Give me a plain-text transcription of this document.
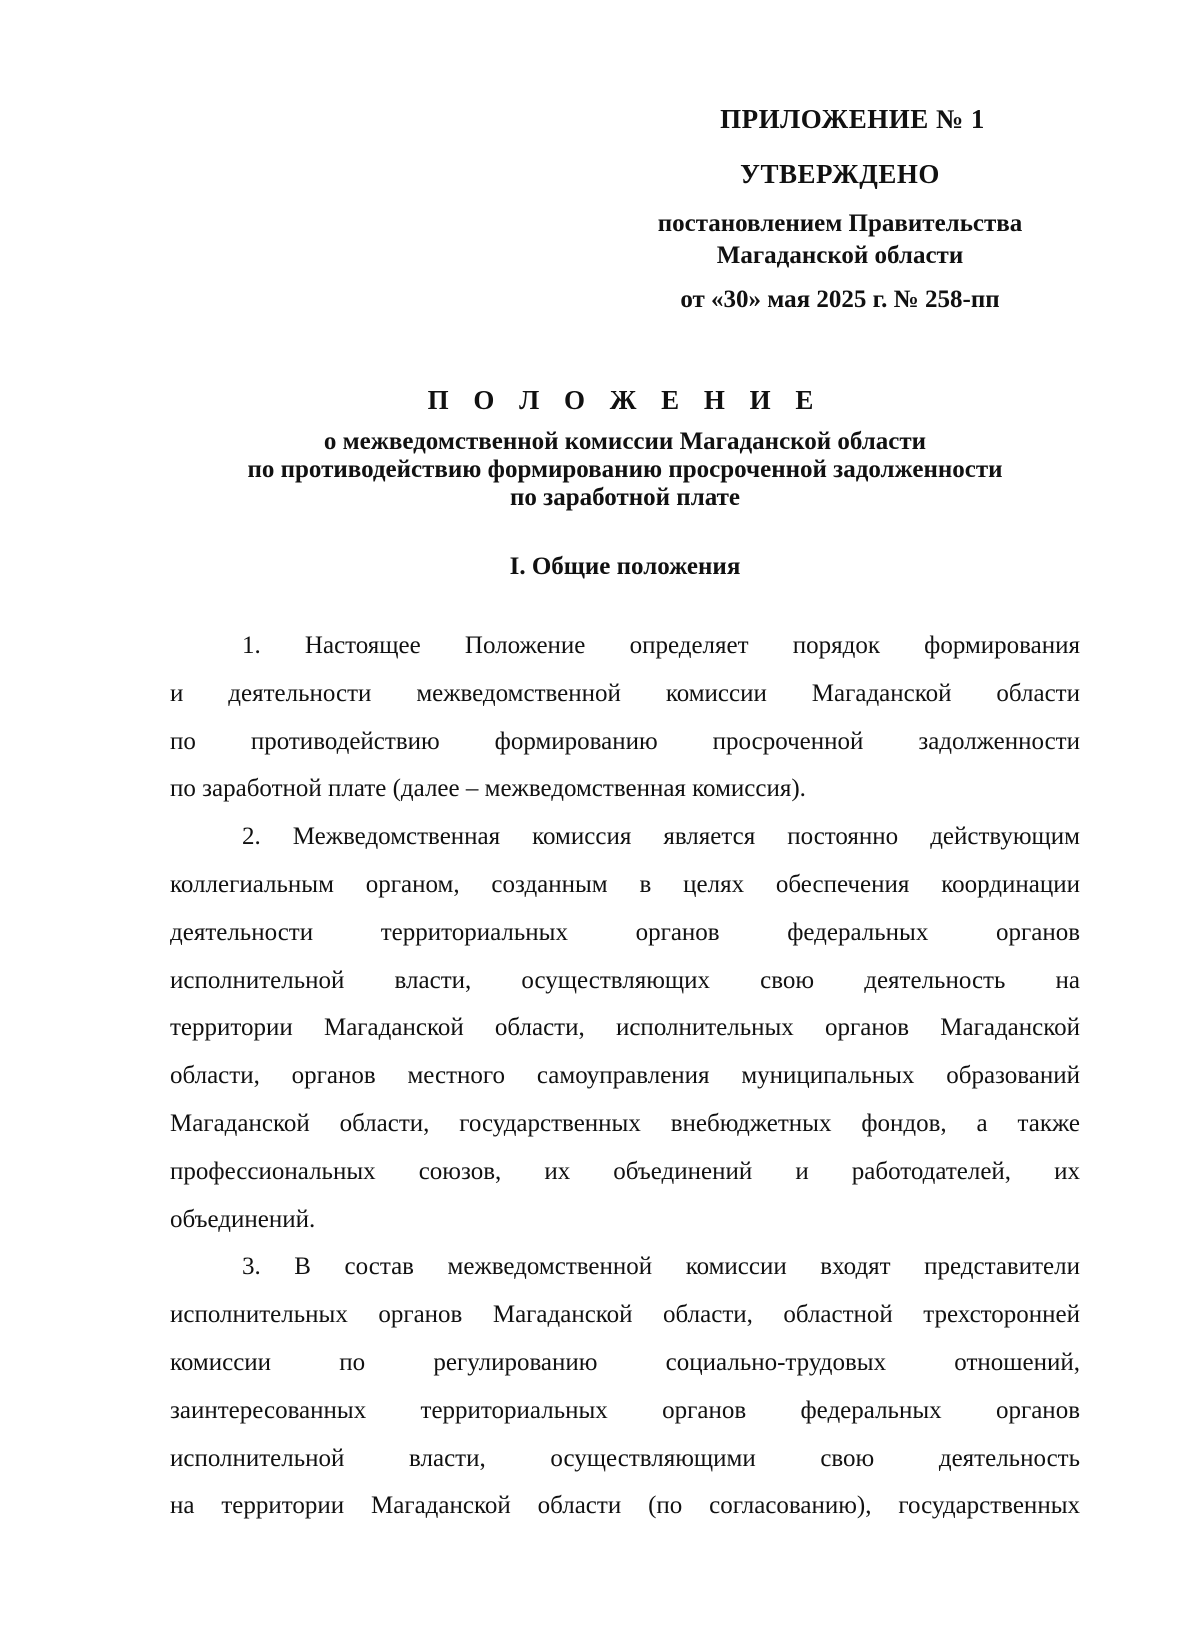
ПРИЛОЖЕНИЕ № 1
УТВЕРЖДЕНО
постановлением Правительства
Магаданской области
от «30» мая 2025 г. № 258-пп
П О Л О Ж Е Н И Е
о межведомственной комиссии Магаданской области
по противодействию формированию просроченной задолженности
по заработной плате
I. Общие положения
1. Настоящее Положение определяет порядок формирования
и деятельности межведомственной комиссии Магаданской области
по противодействию формированию просроченной задолженности
по заработной плате (далее – межведомственная комиссия).
2. Межведомственная комиссия является постоянно действующим
коллегиальным органом, созданным в целях обеспечения координации
деятельности территориальных органов федеральных органов
исполнительной власти, осуществляющих свою деятельность на
территории Магаданской области, исполнительных органов Магаданской
области, органов местного самоуправления муниципальных образований
Магаданской области, государственных внебюджетных фондов, а также
профессиональных союзов, их объединений и работодателей, их
объединений.
3. В состав межведомственной комиссии входят представители
исполнительных органов Магаданской области, областной трехсторонней
комиссии по регулированию социально-трудовых отношений,
заинтересованных территориальных органов федеральных органов
исполнительной власти, осуществляющими свою деятельность
на территории Магаданской области (по согласованию), государственных
